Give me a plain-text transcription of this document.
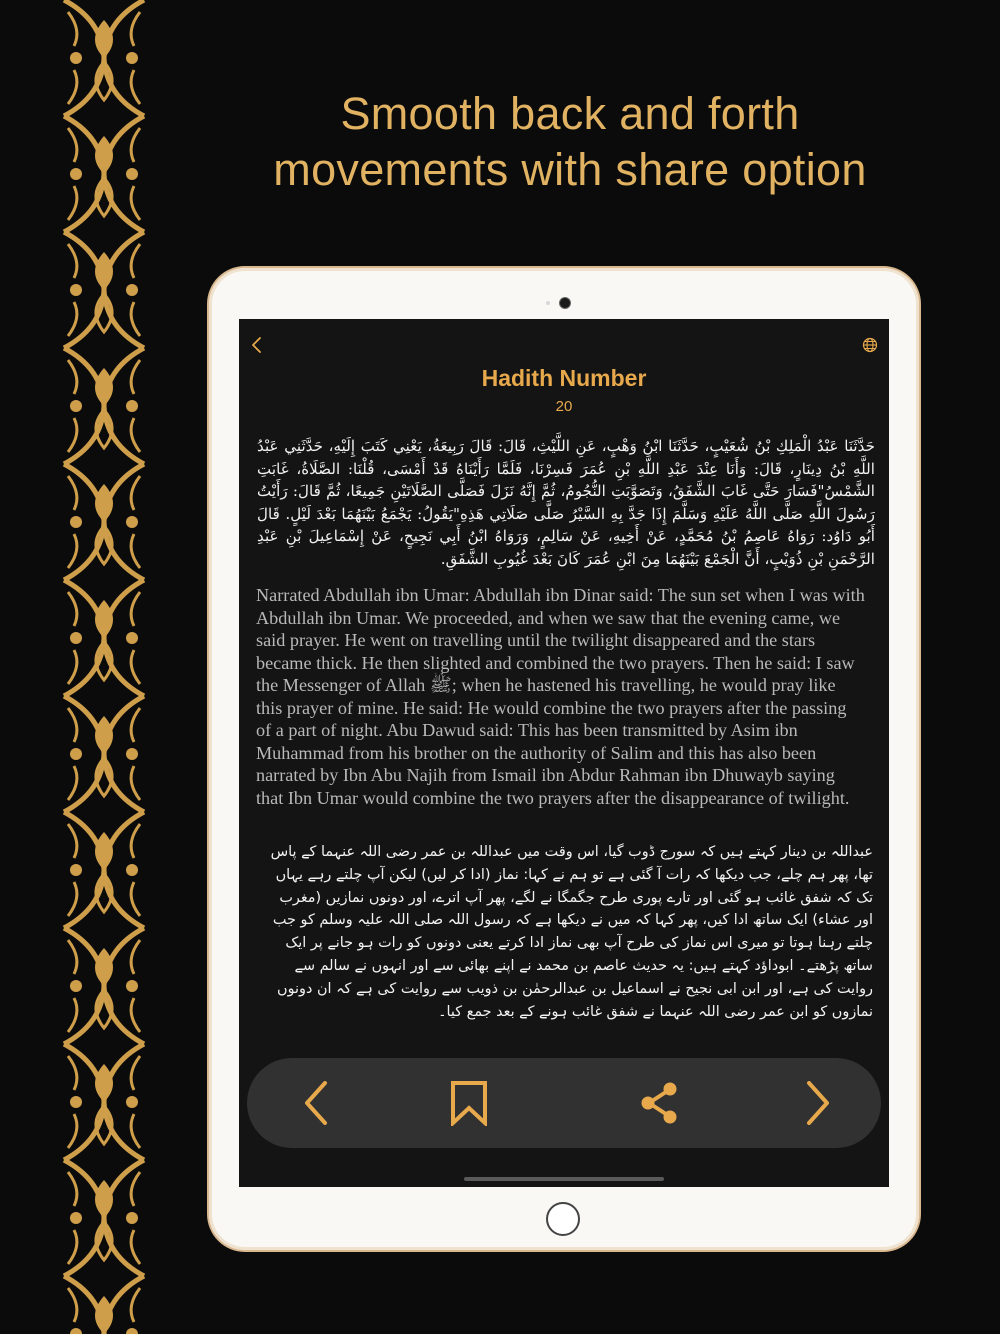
Smooth back and forth
movements with share option
Hadith Number
20
حَدَّثَنَا عَبْدُ الْمَلِكِ بْنُ شُعَيْبٍ، حَدَّثَنَا ابْنُ وَهْبٍ، عَنِ اللَّيْثِ، قَالَ: قَالَ رَبِيعَةُ، يَعْنِي كَتَبَ إِلَيْهِ، حَدَّثَنِي عَبْدُ اللَّهِ بْنُ دِينَارٍ، قَالَ: وَأَنَا عِنْدَ عَبْدِ اللَّهِ بْنِ عُمَرَ فَسِرْنَا، فَلَمَّا رَأَيْنَاهُ قَدْ أَمْسَى، قُلْنَا: الصَّلَاةُ، غَابَتِ الشَّمْسُ"فَسَارَ حَتَّى غَابَ الشَّفَقُ، وَتَصَوَّبَتِ النُّجُومُ، ثُمَّ إِنَّهُ نَزَلَ فَصَلَّى الصَّلَاتَيْنِ جَمِيعًا، ثُمَّ قَالَ: رَأَيْتُ رَسُولَ اللَّهِ صَلَّى اللَّهُ عَلَيْهِ وَسَلَّمَ إِذَا جَدَّ بِهِ السَّيْرُ صَلَّى صَلَاتِي هَذِهِ"يَقُولُ: يَجْمَعُ بَيْنَهُمَا بَعْدَ لَيْلٍ. قَالَ أَبُو دَاوُد: رَوَاهُ عَاصِمُ بْنُ مُحَمَّدٍ، عَنْ أَخِيهِ، عَنْ سَالِمٍ، وَرَوَاهُ ابْنُ أَبِي نَجِيحٍ، عَنْ إِسْمَاعِيلَ بْنِ عَبْدِ الرَّحْمَنِ بْنِ ذُوَيْبٍ، أَنَّ الْجَمْعَ بَيْنَهُمَا مِنَ ابْنِ عُمَرَ كَانَ بَعْدَ غُيُوبِ الشَّفَقِ.
Narrated Abdullah ibn Umar: Abdullah ibn Dinar said: The sun set when I was with Abdullah ibn Umar. We proceeded, and when we saw that the evening came, we said prayer. He went on travelling until the twilight disappeared and the stars became thick. He then slighted and combined the two prayers. Then he said: I saw the Messenger of Allah ﷺ; when he hastened his travelling, he would pray like this prayer of mine. He said: He would combine the two prayers after the passing of a part of night. Abu Dawud said: This has been transmitted by Asim ibn Muhammad from his brother on the authority of Salim and this has also been narrated by Ibn Abu Najih from Ismail ibn Abdur Rahman ibn Dhuwayb saying that Ibn Umar would combine the two prayers after the disappearance of twilight.
عبداللہ بن دینار کہتے ہیں کہ سورج ڈوب گیا، اس وقت میں عبداللہ بن عمر رضی اللہ عنہما کے پاس تھا، پھر ہم چلے، جب دیکھا کہ رات آ گئی ہے تو ہم نے کہا: نماز (ادا کر لیں) لیکن آپ چلتے رہے یہاں تک کہ شفق غائب ہو گئی اور تارے پوری طرح جگمگا نے لگے، پھر آپ اترے، اور دونوں نمازیں (مغرب اور عشاء) ایک ساتھ ادا کیں، پھر کہا کہ میں نے دیکھا ہے کہ رسول اللہ صلی اللہ علیہ وسلم کو جب چلتے رہنا ہوتا تو میری اس نماز کی طرح آپ بھی نماز ادا کرتے یعنی دونوں کو رات ہو جانے پر ایک ساتھ پڑھتے۔ ابوداؤد کہتے ہیں: یہ حدیث عاصم بن محمد نے اپنے بھائی سے اور انہوں نے سالم سے روایت کی ہے، اور ابن ابی نجیح نے اسماعیل بن عبدالرحمٰن بن ذویب سے روایت کی ہے کہ ان دونوں نمازوں کو ابن عمر رضی اللہ عنہما نے شفق غائب ہونے کے بعد جمع کیا۔
